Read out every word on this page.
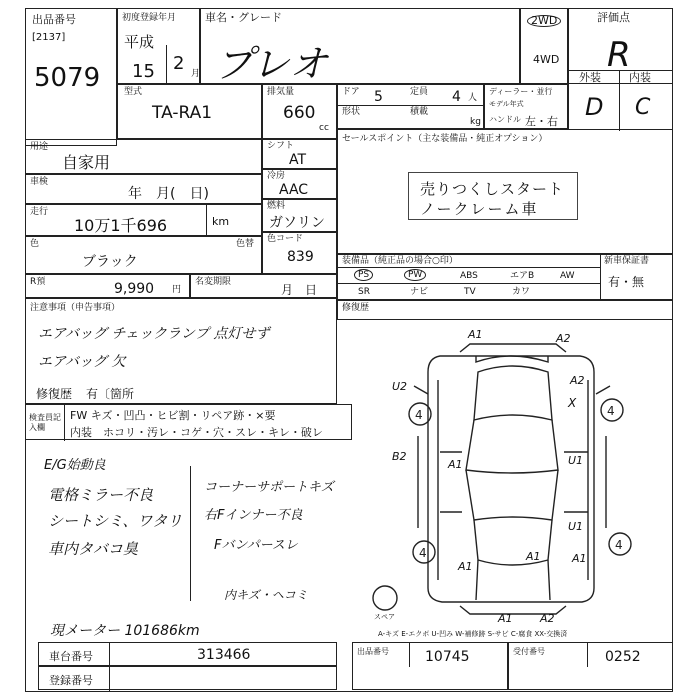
出品番号
[2137]
5079
初度登録年月
平成
15 2 月
車名・グレード
プレオ
2WD
4WD
評価点
R
型式
TA-RA1
排気量
660
cc
ドア 5	定員 4 人
形状	積載
kg
ディーラー・並行
モデル年式
ハンドル 左・右
外装	内装
D C
用途
自家用
車検
年　月(　日)
走行
10万1千696	km
色
ブラック
色替
R預	9,990 円
名変期限
月　日
シフト
AT
冷房
AAC
燃料
ガソリン
色コード
839
セールスポイント（主な装備品・純正オプション）
売りつくしスタート
ノークレーム車
装備品（純正品の場合○印）	新車保証書
有・無
PS	PW	ABS	エアB	AW
SR	ナビ	TV	カワ
修復歴
注意事項（申告事項）
エアバッグ チェックランプ 点灯せず
エアバッグ 欠
修復歴 有〔箇所
検査員記入欄
FW キズ・凹凸・ヒビ割・リペア跡・×要
内装　ホコリ・汚レ・コゲ・穴・スレ・キレ・破レ
E/G始動良
電格ミラー不良
シートシミ、ワタリ
車内タバコ臭
コーナーサポートキズ
右Fインナー不良
Fバンパースレ
内キズ・ヘコミ
現メーター 101686km
4	4
4
4
A1	A2
A1
A2
A1
A1
U1
U1
A1
A1
A2
B2
U2
X
スペア
A-キズ E-エクボ U-凹み W-補修跡 S-サビ C-腐食 XX-交換済
車台番号	313466
登録番号
出品番号	10745	受付番号	0252
